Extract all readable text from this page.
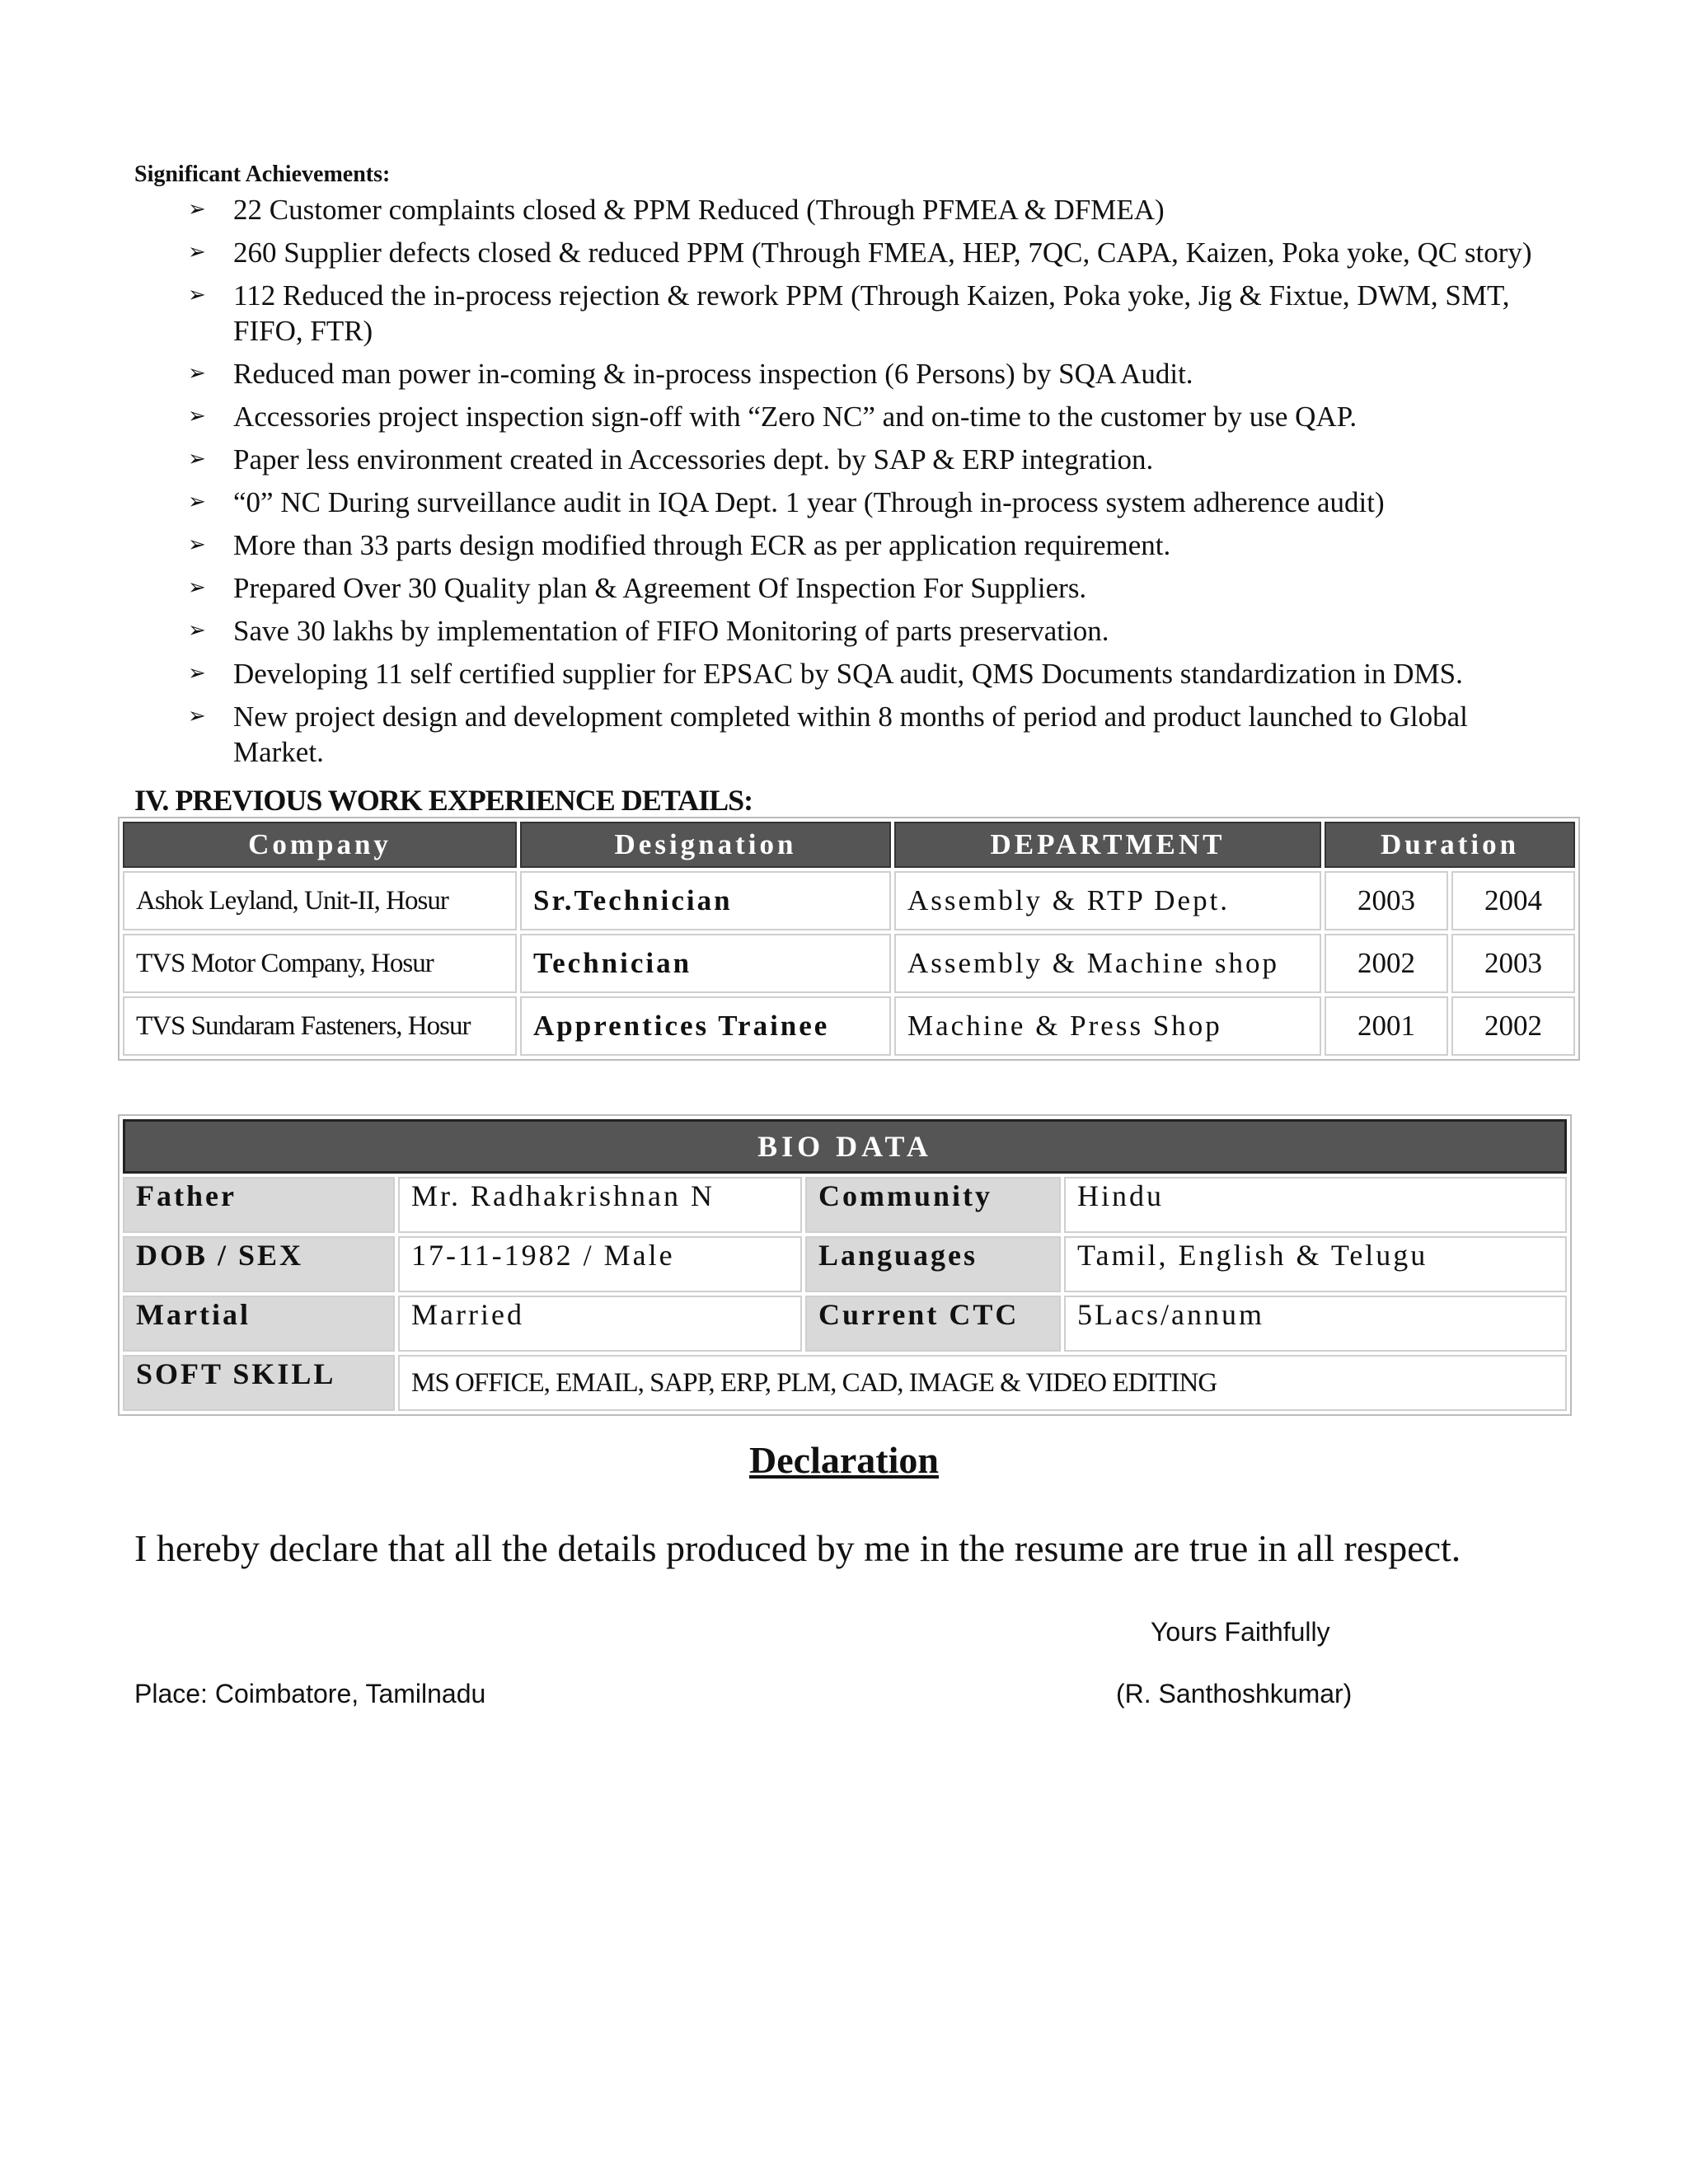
Significant Achievements:
➢ 22 Customer complaints closed & PPM Reduced (Through PFMEA & DFMEA)
➢ 260 Supplier defects closed & reduced PPM (Through FMEA, HEP, 7QC, CAPA, Kaizen, Poka yoke, QC story)
➢ 112 Reduced the in-process rejection & rework PPM (Through Kaizen, Poka yoke, Jig & Fixtue, DWM, SMT, FIFO, FTR)
➢ Reduced man power in-coming & in-process inspection (6 Persons) by SQA Audit.
➢ Accessories project inspection sign-off with “Zero NC” and on-time to the customer by use QAP.
➢ Paper less environment created in Accessories dept. by SAP & ERP integration.
➢ “0” NC During surveillance audit in IQA Dept. 1 year (Through in-process system adherence audit)
➢ More than 33 parts design modified through ECR as per application requirement.
➢ Prepared Over 30 Quality plan & Agreement Of Inspection For Suppliers.
➢ Save 30 lakhs by implementation of FIFO Monitoring of parts preservation.
➢ Developing 11 self certified supplier for EPSAC by SQA audit, QMS Documents standardization in DMS.
➢ New project design and development completed within 8 months of period and product launched to Global Market.
IV. PREVIOUS WORK EXPERIENCE DETAILS:
Company	Designation	DEPARTMENT	Duration	
Ashok Leyland, Unit-II, Hosur	Sr.Technician	Assembly & RTP Dept.	2003	2004
TVS Motor Company, Hosur	Technician	Assembly & Machine shop	2002	2003
TVS Sundaram Fasteners, Hosur	Apprentices Trainee	Machine & Press Shop	2001	2002
BIO DATA			
Father	Mr. Radhakrishnan N	Community	Hindu
DOB / SEX	17-11-1982 / Male	Languages	Tamil, English & Telugu
Martial	Married	Current CTC	5Lacs/annum
SOFT SKILL	MS OFFICE, EMAIL, SAPP, ERP, PLM, CAD, IMAGE & VIDEO EDITING		
Declaration
I hereby declare that all the details produced by me in the resume are true in all respect.
Yours Faithfully
Place: Coimbatore, Tamilnadu	(R. Santhoshkumar)
